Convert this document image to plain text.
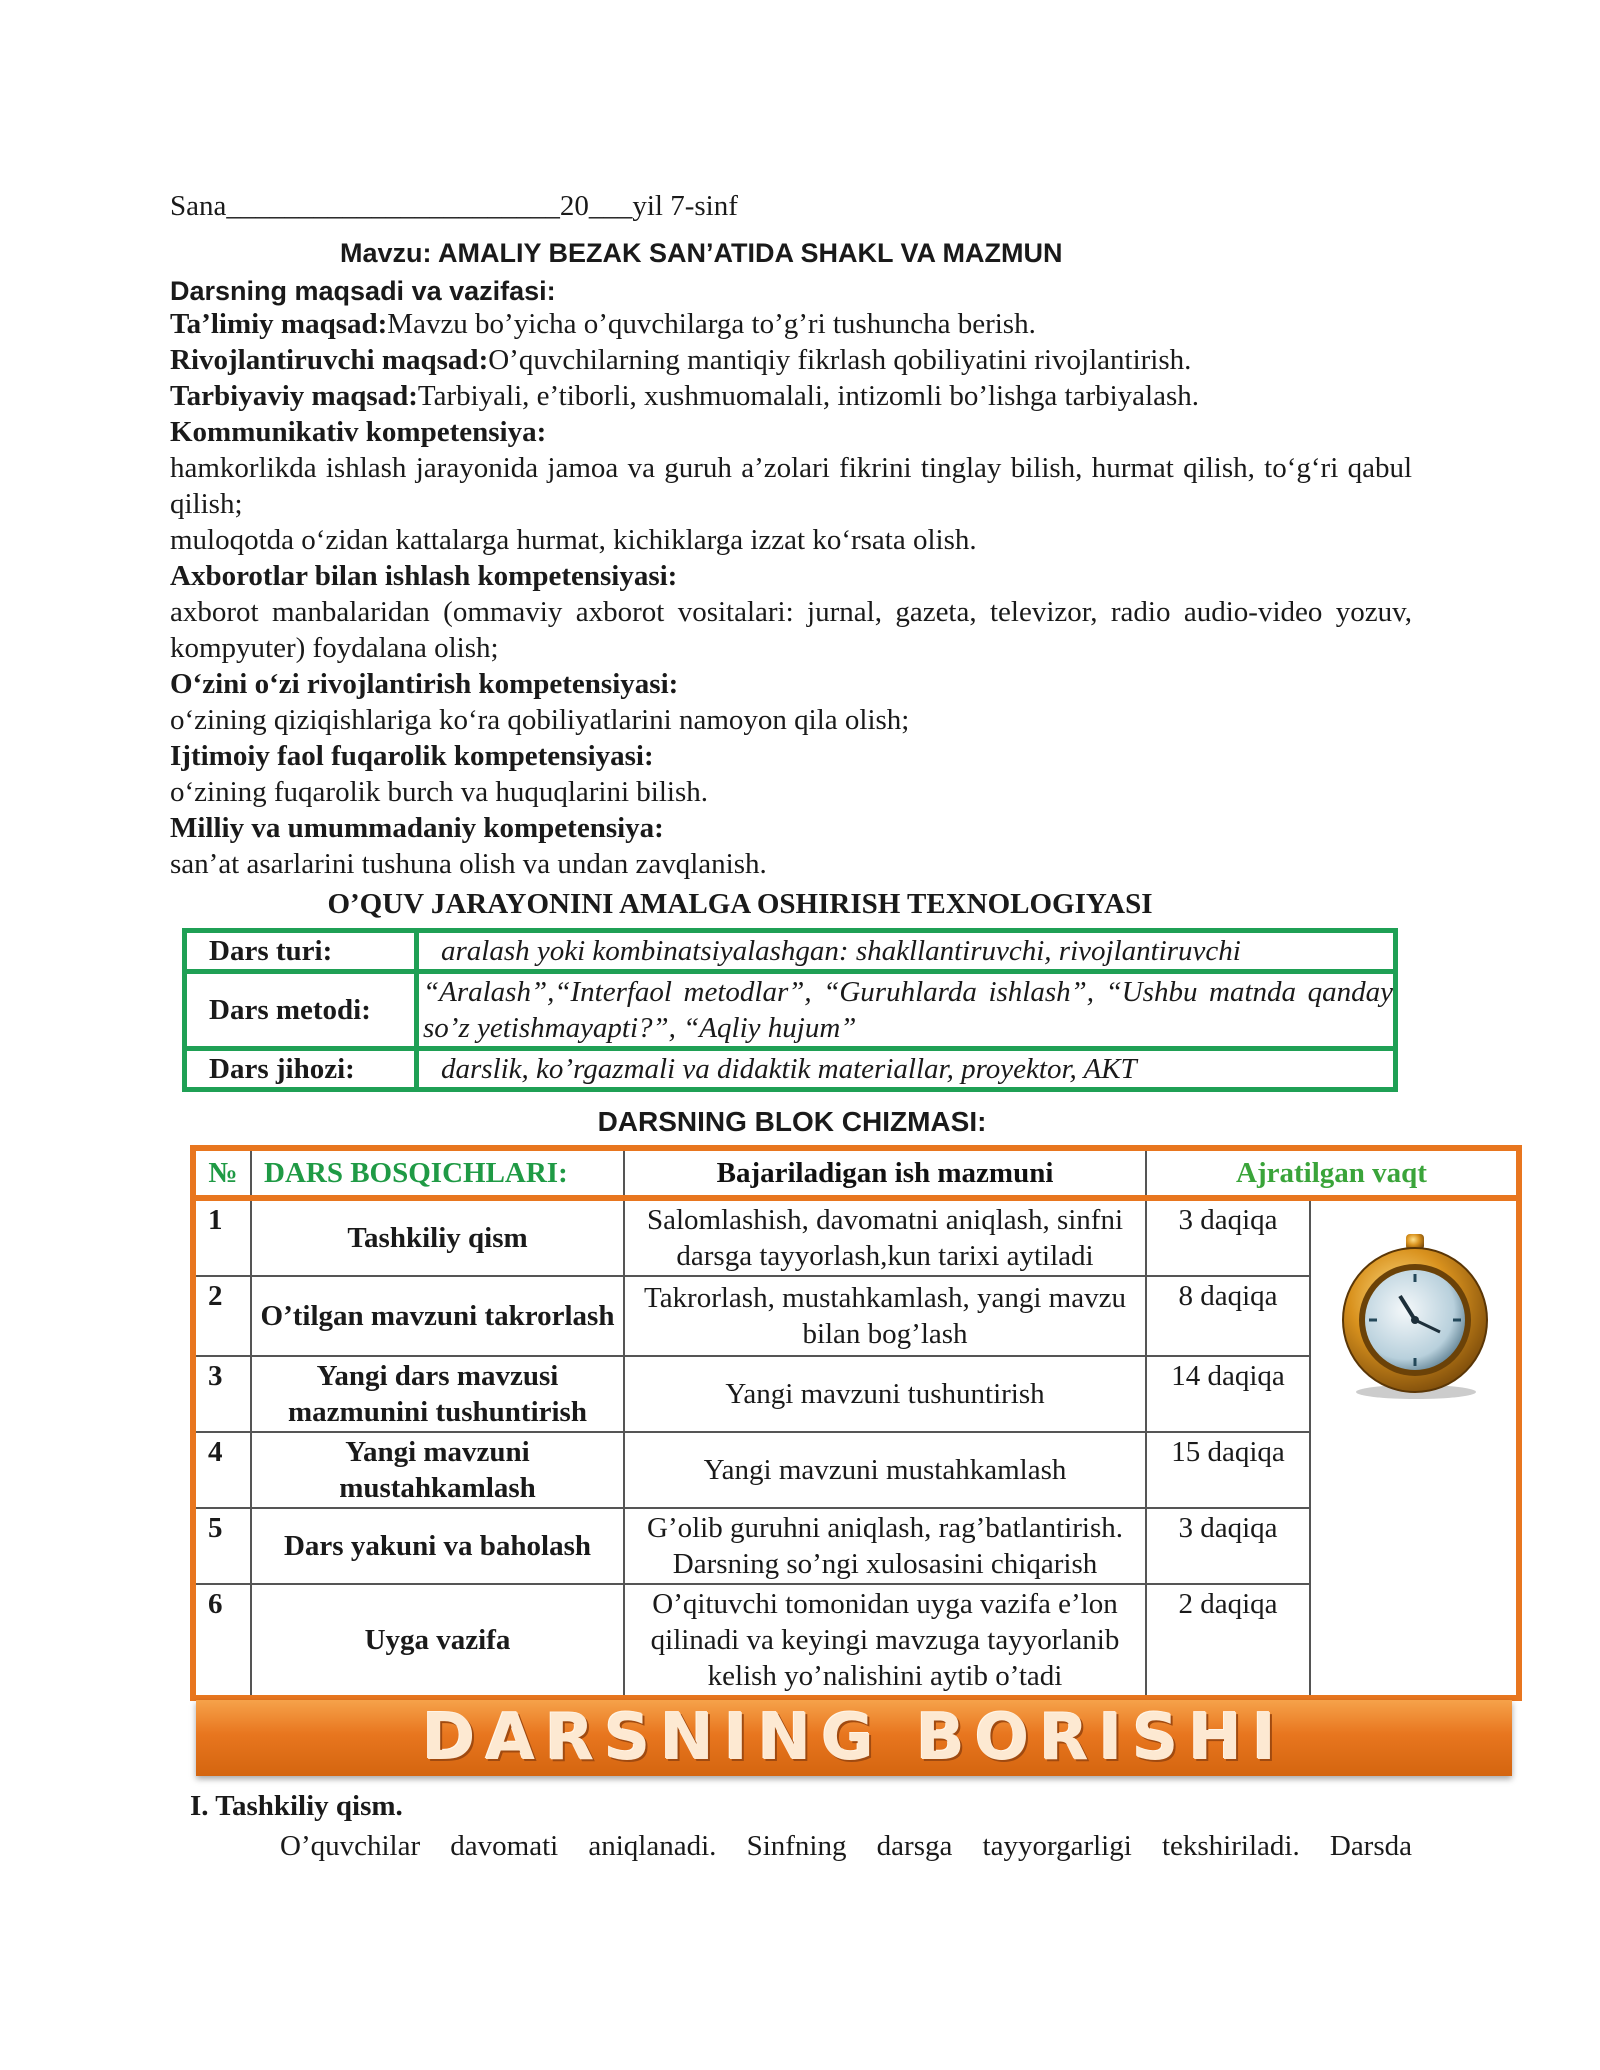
Sana_______________________20___yil 7-sinf
Mavzu: AMALIY BEZAK SAN’ATIDA SHAKL VA MAZMUN
Darsning maqsadi va vazifasi:
Ta’limiy maqsad:Mavzu bo’yicha o’quvchilarga to’g’ri tushuncha berish.
Rivojlantiruvchi maqsad:O’quvchilarning mantiqiy fikrlash qobiliyatini rivojlantirish.
Tarbiyaviy maqsad:Tarbiyali, e’tiborli, xushmuomalali, intizomli bo’lishga tarbiyalash.
Kommunikativ kompetensiya:
hamkorlikda ishlash jarayonida jamoa va guruh a’zolari fikrini tinglay bilish, hurmat qilish, to‘g‘ri qabul qilish;
muloqotda o‘zidan kattalarga hurmat, kichiklarga izzat ko‘rsata olish.
Axborotlar bilan ishlash kompetensiyasi:
axborot manbalaridan (ommaviy axborot vositalari: jurnal, gazeta, televizor, radio audio-video yozuv, kompyuter) foydalana olish;
O‘zini o‘zi rivojlantirish kompetensiyasi:
o‘zining qiziqishlariga ko‘ra qobiliyatlarini namoyon qila olish;
Ijtimoiy faol fuqarolik kompetensiyasi:
o‘zining fuqarolik burch va huquqlarini bilish.
Milliy va umummadaniy kompetensiya:
san’at asarlarini tushuna olish va undan zavqlanish.
O’QUV JARAYONINI AMALGA OSHIRISH TEXNOLOGIYASI
Dars turi:	aralash yoki kombinatsiyalashgan: shakllantiruvchi, rivojlantiruvchi
Dars metodi:	“Aralash”,“Interfaol metodlar”, “Guruhlarda ishlash”, “Ushbu matnda qanday so’z yetishmayapti?”, “Aqliy hujum”
Dars jihozi:	darslik, ko’rgazmali va didaktik materiallar, proyektor, AKT
DARSNING BLOK CHIZMASI:
№	DARS BOSQICHLARI:	Bajariladigan ish mazmuni	Ajratilgan vaqt	
1	Tashkiliy qism	Salomlashish, davomatni aniqlash, sinfni darsga tayyorlash,kun tarixi aytiladi	3 daqiqa	
2	O’tilgan mavzuni takrorlash	Takrorlash, mustahkamlash, yangi mavzu bilan bog’lash	8 daqiqa	
3	Yangi dars mavzusi mazmunini tushuntirish	Yangi mavzuni tushuntirish	14 daqiqa	
4	Yangi mavzuni mustahkamlash	Yangi mavzuni mustahkamlash	15 daqiqa	
5	Dars yakuni va baholash	G’olib guruhni aniqlash, rag’batlantirish. Darsning so’ngi xulosasini chiqarish	3 daqiqa	
6	Uyga vazifa	O’qituvchi tomonidan uyga vazifa e’lon qilinadi va keyingi mavzuga tayyorlanib kelish yo’nalishini aytib o’tadi	2 daqiqa	
DARSNING BORISHI
I. Tashkiliy qism.
O’quvchilar davomati aniqlanadi. Sinfning darsga tayyorgarligi tekshiriladi. Darsda
